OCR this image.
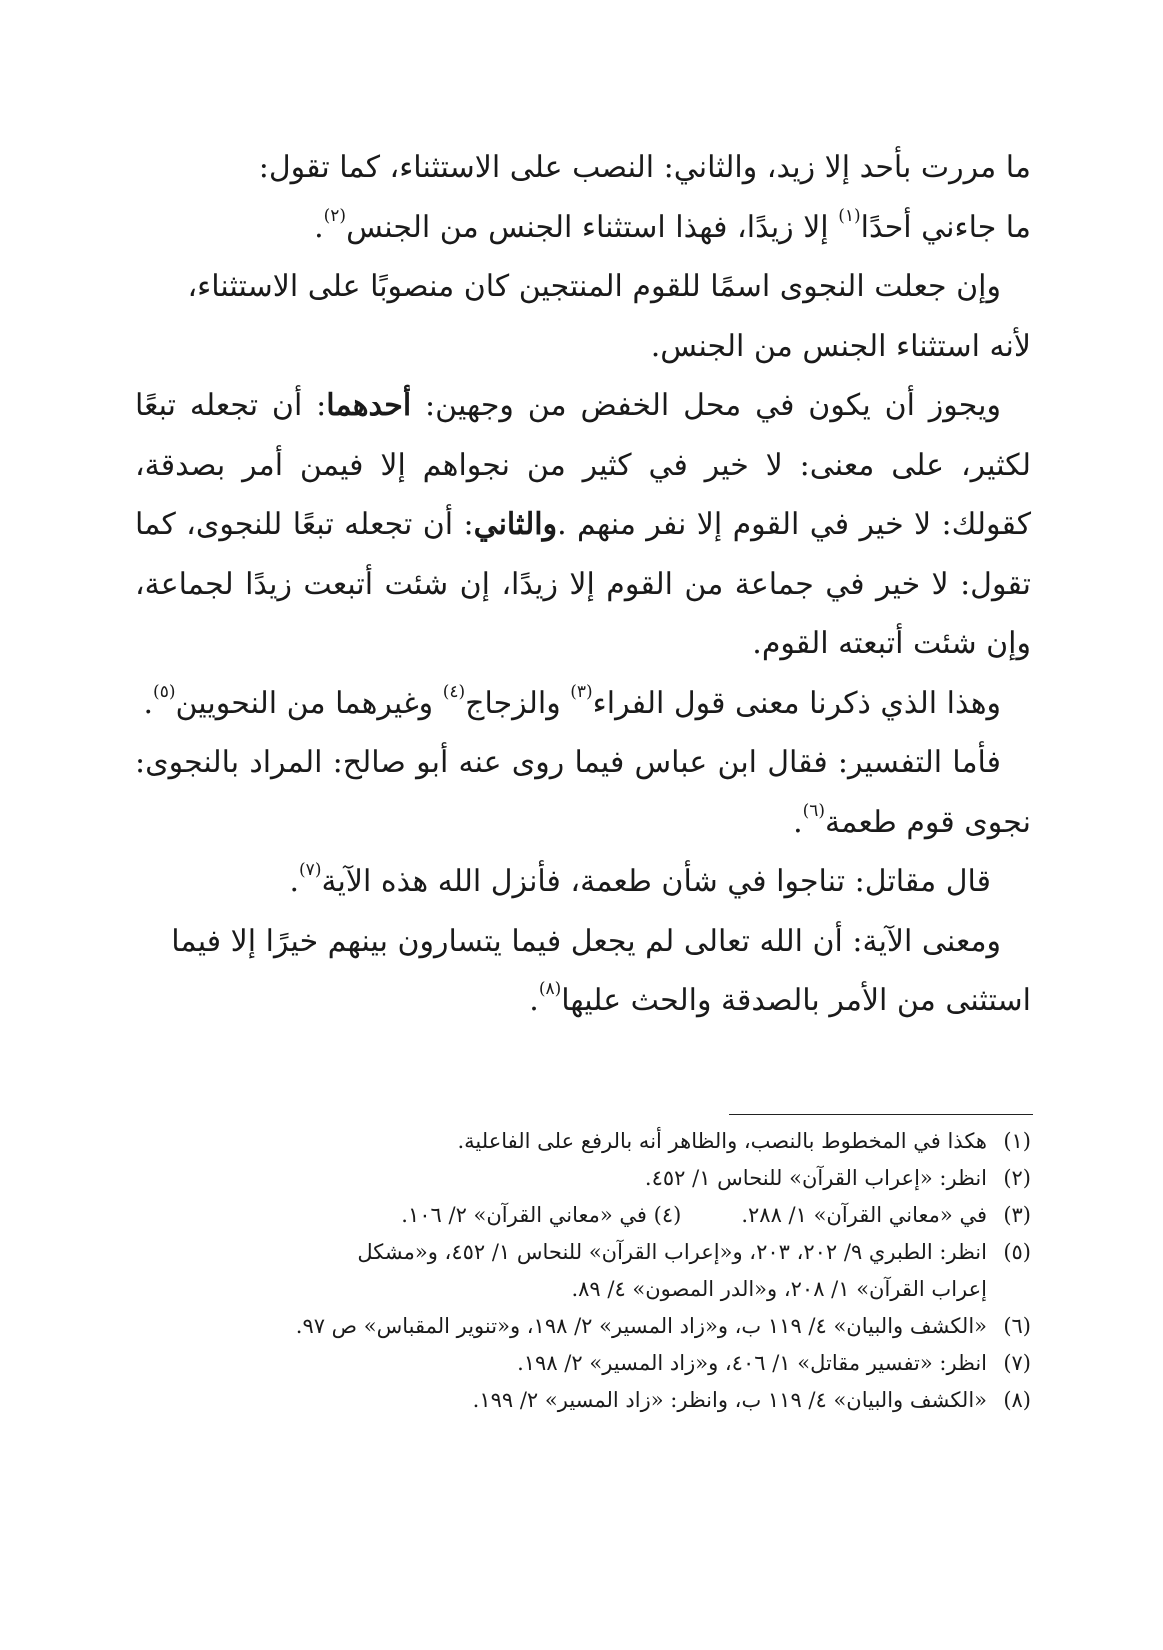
ما مررت بأحد إلا زيد، والثاني: النصب على الاستثناء، كما تقول:
ما جاءني أحدًا$^{(١)}$ إلا زيدًا، فهذا استثناء الجنس من الجنس$^{(٢)}$.

وإن جعلت النجوى اسمًا للقوم المنتجين كان منصوبًا على الاستثناء،

لأنه استثناء الجنس من الجنس.

ويجوز أن يكون في محل الخفض من وجهين: أحدهما: أن تجعله تبعًا لكثير، على معنى: لا خير في كثير من نجواهم إلا فيمن أمر بصدقة، كقولك: لا خير في القوم إلا نفر منهم .والثاني: أن تجعله تبعًا للنجوى، كما تقول: لا خير في جماعة من القوم إلا زيدًا، إن شئت أتبعت زيدًا لجماعة، وإن شئت أتبعته القوم.

وهذا الذي ذكرنا معنى قول الفراء$^{(٣)}$ والزجاج$^{(٤)}$ وغيرهما من النحويين$^{(٥)}$.

فأما التفسير: فقال ابن عباس فيما روى عنه أبو صالح: المراد بالنجوى: نجوى قوم طعمة$^{(٦)}$.

قال مقاتل: تناجوا في شأن طعمة، فأنزل الله هذه الآية$^{(٧)}$.

ومعنى الآية: أن الله تعالى لم يجعل فيما يتسارون بينهم خيرًا إلا فيما

استثنى من الأمر بالصدقة والحث عليها$^{(٨)}$.

(١)
هكذا في المخطوط بالنصب، والظاهر أنه بالرفع على الفاعلية.

(٢)
انظر: «إعراب القرآن» للنحاس ١/ ٤٥٢.

(٣)
في «معاني القرآن» ١/ ٢٨٨.(٤) في «معاني القرآن» ٢/ ١٠٦.

(٥)
انظر: الطبري ٩/ ٢٠٢، ٢٠٣، و«إعراب القرآن» للنحاس ١/ ٤٥٢، و«مشكل

إعراب القرآن» ١/ ٢٠٨، و«الدر المصون» ٤/ ٨٩.

(٦)
«الكشف والبيان» ٤/ ١١٩ ب، و«زاد المسير» ٢/ ١٩٨، و«تنوير المقباس» ص ٩٧.

(٧)
انظر: «تفسير مقاتل» ١/ ٤٠٦، و«زاد المسير» ٢/ ١٩٨.

(٨)
«الكشف والبيان» ٤/ ١١٩ ب، وانظر: «زاد المسير» ٢/ ١٩٩.
